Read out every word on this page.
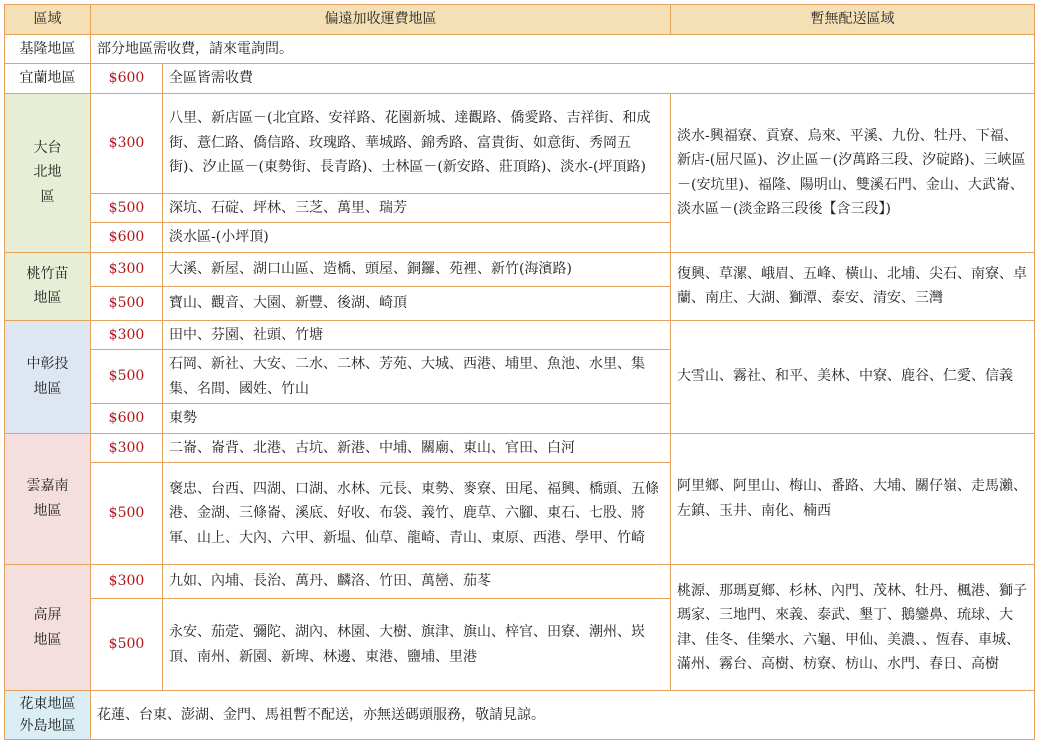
區域	偏遠加收運費地區		暫無配送區域
基隆地區	部分地區需收費，請來電詢問。		
宜蘭地區	$600	全區皆需收費	

大台北地區	$300	八里、新店區－(北宜路、安祥路、花園新城、達觀路、僑愛路、吉祥街、和成街、薏仁路、僑信路、玫瑰路、華城路、錦秀路、富貴街、如意街、秀岡五街)、汐止區－(東勢街、長青路)、士林區－(新安路、莊頂路)、淡水-(坪頂路)	淡水-興福寮、貢寮、烏來、平溪、九份、牡丹、下福、新店-(屈尺區)、汐止區－(汐萬路三段、汐碇路)、三峽區－(安坑里)、福隆、陽明山、雙溪石門、金山、大武崙、淡水區－(淡金路三段後【含三段】)
	$500	深坑、石碇、坪林、三芝、萬里、瑞芳	
	$600	淡水區-(小坪頂)	

桃竹苗地區	$300	大溪、新屋、湖口山區、造橋、頭屋、銅鑼、苑裡、新竹(海濱路)	復興、草漯、峨眉、五峰、橫山、北埔、尖石、南寮、卓蘭、南庄、大湖、獅潭、泰安、清安、三灣
	$500	寶山、觀音、大園、新豐、後湖、崎頂	

中彰投地區	$300	田中、芬園、社頭、竹塘	大雪山、霧社、和平、美林、中寮、鹿谷、仁愛、信義
	$500	石岡、新社、大安、二水、二林、芳苑、大城、西港、埔里、魚池、水里、集集、名間、國姓、竹山	
	$600	東勢	

雲嘉南地區	$300	二崙、崙背、北港、古坑、新港、中埔、關廟、東山、官田、白河	阿里鄉、阿里山、梅山、番路、大埔、關仔嶺、走馬瀨、左鎮、玉井、南化、楠西
	$500	褒忠、台西、四湖、口湖、水林、元長、東勢、麥寮、田尾、福興、橋頭、五條港、金湖、三條崙、溪底、好收、布袋、義竹、鹿草、六腳、東石、七股、將軍、山上、大內、六甲、新塭、仙草、龍崎、青山、東原、西港、學甲、竹崎	

高屏地區	$300	九如、內埔、長治、萬丹、麟洛、竹田、萬巒、茄苳	桃源、那瑪夏鄉、杉林、內門、茂林、牡丹、楓港、獅子瑪家、三地門、來義、泰武、墾丁、鵝鑾鼻、琉球、大津、佳冬、佳樂水、六龜、甲仙、美濃、、恆春、車城、滿州、霧台、高樹、枋寮、枋山、水門、春日、高樹
	$500	永安、茄萣、彌陀、湖內、林園、大樹、旗津、旗山、梓官、田寮、潮州、崁頂、南州、新園、新埤、林邊、東港、鹽埔、里港	

花東地區
外島地區	花蓮、台東、澎湖、金門、馬祖暫不配送，亦無送碼頭服務，敬請見諒。		
